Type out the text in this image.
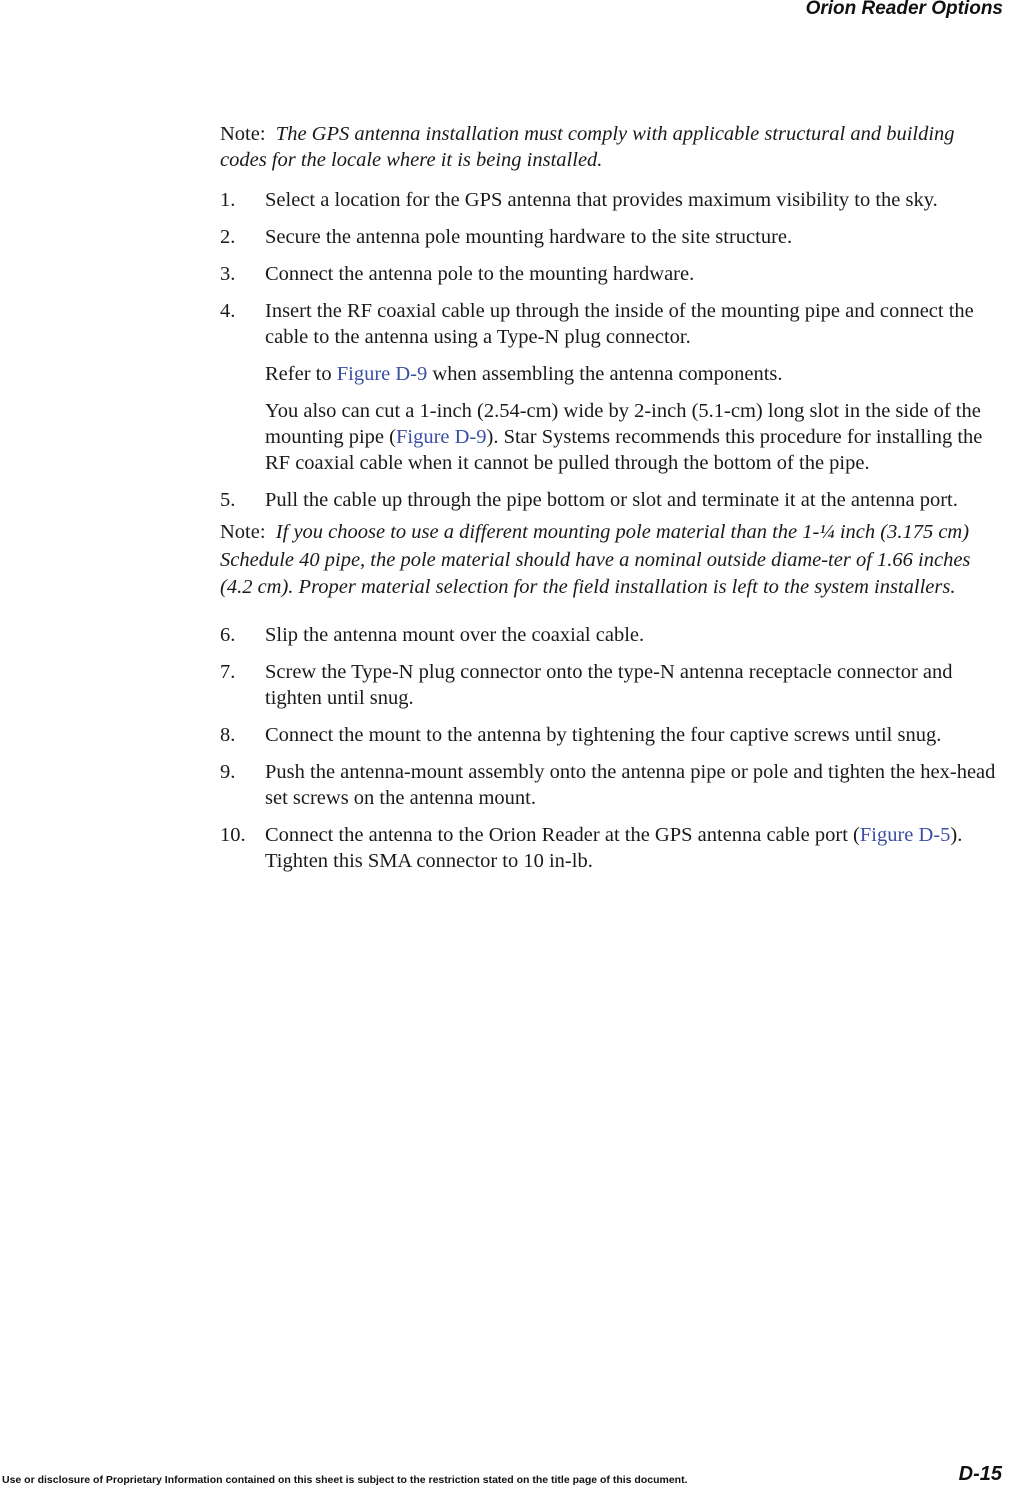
Orion Reader Options

Note: The GPS antenna installation must comply with applicable structural and building codes for the locale where it is being installed.

1. Select a location for the GPS antenna that provides maximum visibility to the sky.
2. Secure the antenna pole mounting hardware to the site structure.
3. Connect the antenna pole to the mounting hardware.
4. Insert the RF coaxial cable up through the inside of the mounting pipe and connect the cable to the antenna using a Type-N plug connector.

Refer to Figure D-9 when assembling the antenna components.

You also can cut a 1-inch (2.54-cm) wide by 2-inch (5.1-cm) long slot in the side of the mounting pipe (Figure D-9). Star Systems recommends this procedure for installing the RF coaxial cable when it cannot be pulled through the bottom of the pipe.

5. Pull the cable up through the pipe bottom or slot and terminate it at the antenna port.

Note: If you choose to use a different mounting pole material than the 1-¼ inch (3.175 cm) Schedule 40 pipe, the pole material should have a nominal outside diame-ter of 1.66 inches (4.2 cm). Proper material selection for the field installation is left to the system installers.

6. Slip the antenna mount over the coaxial cable.
7. Screw the Type-N plug connector onto the type-N antenna receptacle connector and tighten until snug.
8. Connect the mount to the antenna by tightening the four captive screws until snug.
9. Push the antenna-mount assembly onto the antenna pipe or pole and tighten the hex-head set screws on the antenna mount.
10. Connect the antenna to the Orion Reader at the GPS antenna cable port (Figure D-5). Tighten this SMA connector to 10 in-lb.
Use or disclosure of Proprietary Information contained on this sheet is subject to the restriction stated on the title page of this document.	D-15
